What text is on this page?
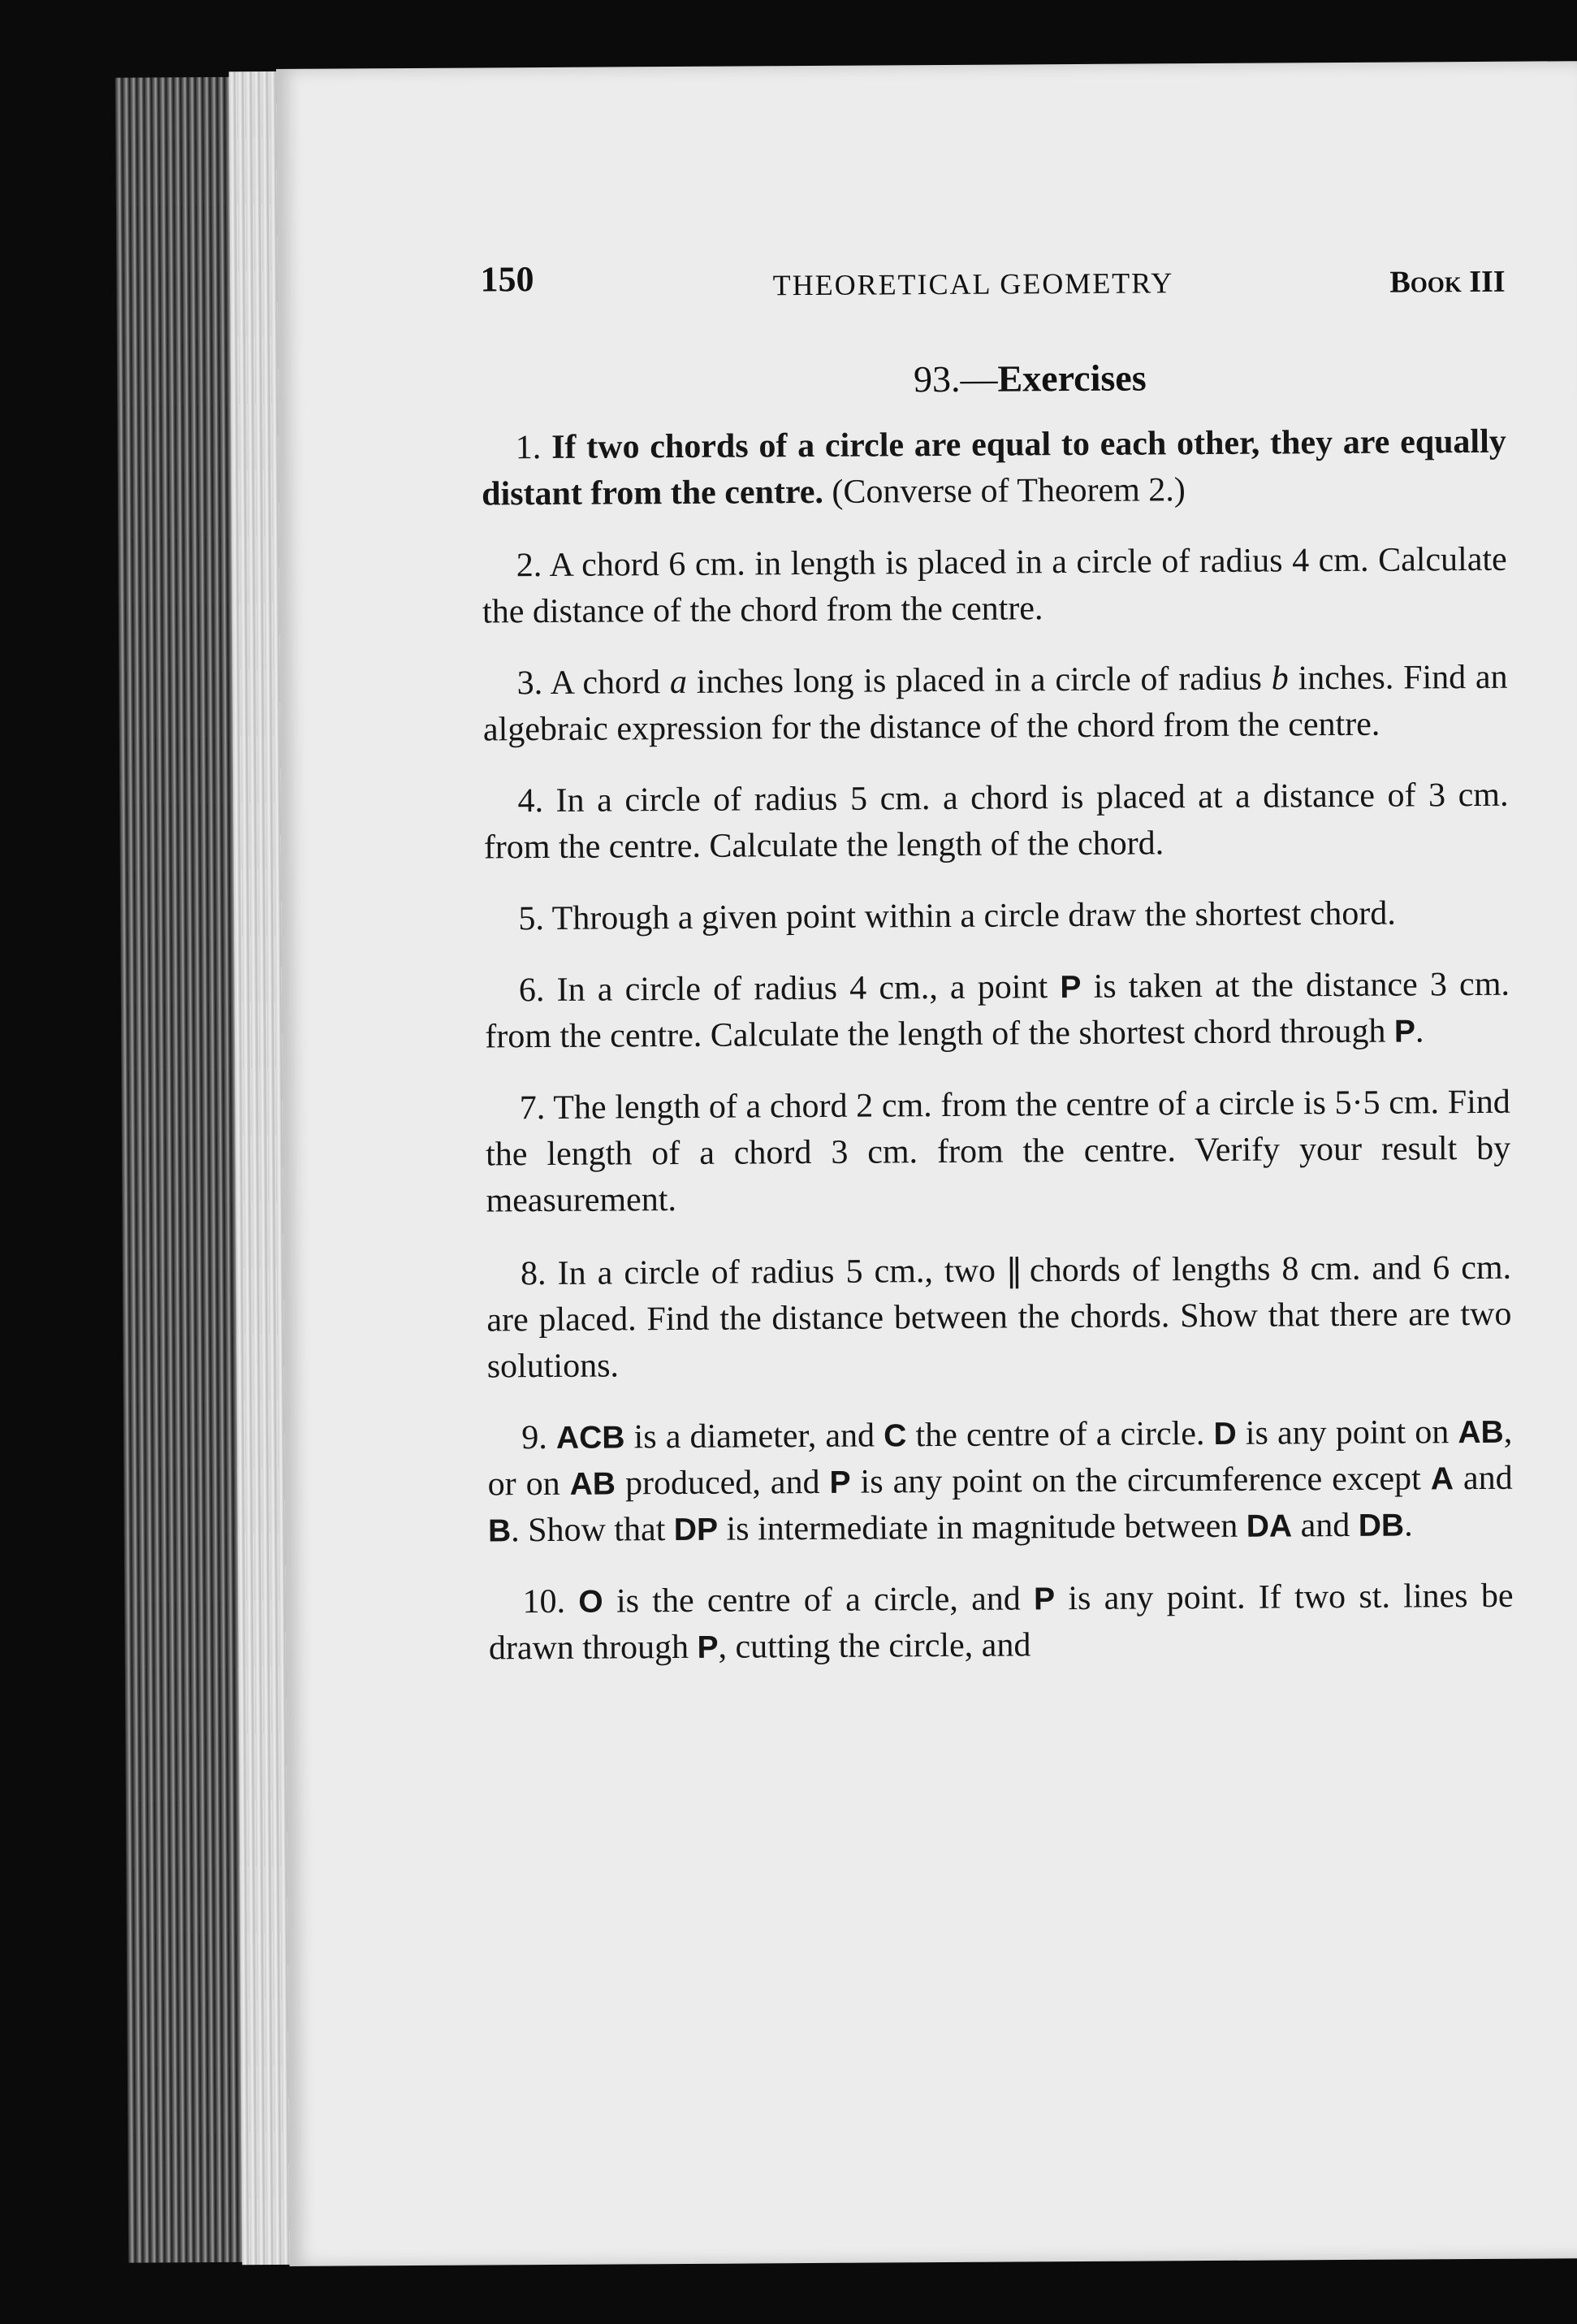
150	THEORETICAL GEOMETRY	Book III
93.—Exercises

1. If two chords of a circle are equal to each other, they are equally distant from the centre. (Converse of Theorem 2.)

2. A chord 6 cm. in length is placed in a circle of radius 4 cm. Calculate the distance of the chord from the centre.

3. A chord a inches long is placed in a circle of radius b inches. Find an algebraic expression for the distance of the chord from the centre.

4. In a circle of radius 5 cm. a chord is placed at a distance of 3 cm. from the centre. Calculate the length of the chord.

5. Through a given point within a circle draw the shortest chord.

6. In a circle of radius 4 cm., a point P is taken at the distance 3 cm. from the centre. Calculate the length of the shortest chord through P.

7. The length of a chord 2 cm. from the centre of a circle is 5·5 cm. Find the length of a chord 3 cm. from the centre. Verify your result by measurement.

8. In a circle of radius 5 cm., two || chords of lengths 8 cm. and 6 cm. are placed. Find the distance between the chords. Show that there are two solutions.

9. ACB is a diameter, and C the centre of a circle. D is any point on AB, or on AB produced, and P is any point on the circumference except A and B. Show that DP is intermediate in magnitude between DA and DB.

10. O is the centre of a circle, and P is any point. If two st. lines be drawn through P, cutting the circle, and
